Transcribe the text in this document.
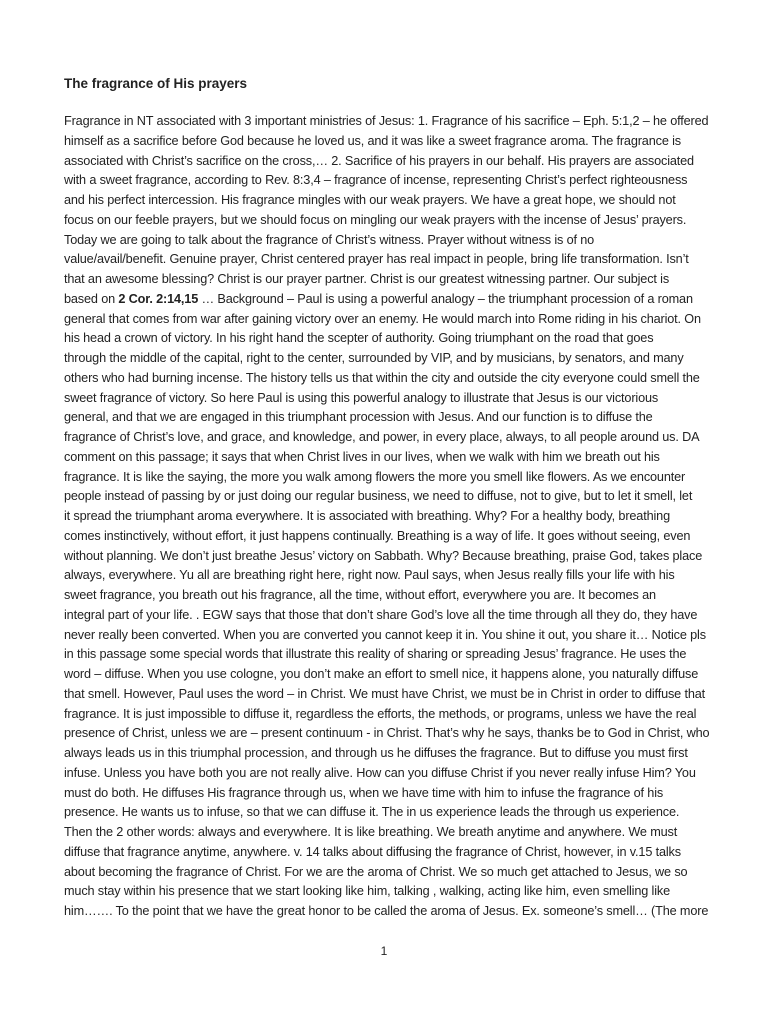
The fragrance of His prayers
Fragrance in NT associated with 3 important ministries of Jesus: 1. Fragrance of his sacrifice – Eph. 5:1,2 – he offered
himself as a sacrifice before God because he loved us, and it was like a sweet fragrance aroma. The fragrance is
associated with Christ’s sacrifice on the cross,… 2. Sacrifice of his prayers in our behalf. His prayers are associated
with a sweet fragrance, according to Rev. 8:3,4 – fragrance of incense, representing Christ’s perfect righteousness
and his perfect intercession. His fragrance mingles with our weak prayers. We have a great hope, we should not
focus on our feeble prayers, but we should focus on mingling our weak prayers with the incense of Jesus’ prayers.
Today we are going to talk about the fragrance of Christ’s witness. Prayer without witness is of no
value/avail/benefit. Genuine prayer, Christ centered prayer has real impact in people, bring life transformation. Isn’t
that an awesome blessing? Christ is our prayer partner. Christ is our greatest witnessing partner. Our subject is
based on 2 Cor. 2:14,15 … Background – Paul is using a powerful analogy – the triumphant procession of a roman
general that comes from war after gaining victory over an enemy. He would march into Rome riding in his chariot. On
his head a crown of victory. In his right hand the scepter of authority. Going triumphant on the road that goes
through the middle of the capital, right to the center, surrounded by VIP, and by musicians, by senators, and many
others who had burning incense. The history tells us that within the city and outside the city everyone could smell the
sweet fragrance of victory. So here Paul is using this powerful analogy to illustrate that Jesus is our victorious
general, and that we are engaged in this triumphant procession with Jesus. And our function is to diffuse the
fragrance of Christ’s love, and grace, and knowledge, and power, in every place, always, to all people around us. DA
comment on this passage; it says that when Christ lives in our lives, when we walk with him we breath out his
fragrance. It is like the saying, the more you walk among flowers the more you smell like flowers. As we encounter
people instead of passing by or just doing our regular business, we need to diffuse, not to give, but to let it smell, let
it spread the triumphant aroma everywhere. It is associated with breathing. Why? For a healthy body, breathing
comes instinctively, without effort, it just happens continually. Breathing is a way of life. It goes without seeing, even
without planning. We don’t just breathe Jesus’ victory on Sabbath. Why? Because breathing, praise God, takes place
always, everywhere. Yu all are breathing right here, right now. Paul says, when Jesus really fills your life with his
sweet fragrance, you breath out his fragrance, all the time, without effort, everywhere you are. It becomes an
integral part of your life. . EGW says that those that don’t share God’s love all the time through all they do, they have
never really been converted. When you are converted you cannot keep it in. You shine it out, you share it… Notice pls
in this passage some special words that illustrate this reality of sharing or spreading Jesus’ fragrance. He uses the
word – diffuse. When you use cologne, you don’t make an effort to smell nice, it happens alone, you naturally diffuse
that smell. However, Paul uses the word – in Christ. We must have Christ, we must be in Christ in order to diffuse that
fragrance. It is just impossible to diffuse it, regardless the efforts, the methods, or programs, unless we have the real
presence of Christ, unless we are – present continuum - in Christ. That’s why he says, thanks be to God in Christ, who
always leads us in this triumphal procession, and through us he diffuses the fragrance. But to diffuse you must first
infuse. Unless you have both you are not really alive. How can you diffuse Christ if you never really infuse Him? You
must do both. He diffuses His fragrance through us, when we have time with him to infuse the fragrance of his
presence. He wants us to infuse, so that we can diffuse it. The in us experience leads the through us experience.
Then the 2 other words: always and everywhere. It is like breathing. We breath anytime and anywhere. We must
diffuse that fragrance anytime, anywhere. v. 14 talks about diffusing the fragrance of Christ, however, in v.15 talks
about becoming the fragrance of Christ. For we are the aroma of Christ. We so much get attached to Jesus, we so
much stay within his presence that we start looking like him, talking , walking, acting like him, even smelling like
him……. To the point that we have the great honor to be called the aroma of Jesus. Ex. someone’s smell… (The more
1
